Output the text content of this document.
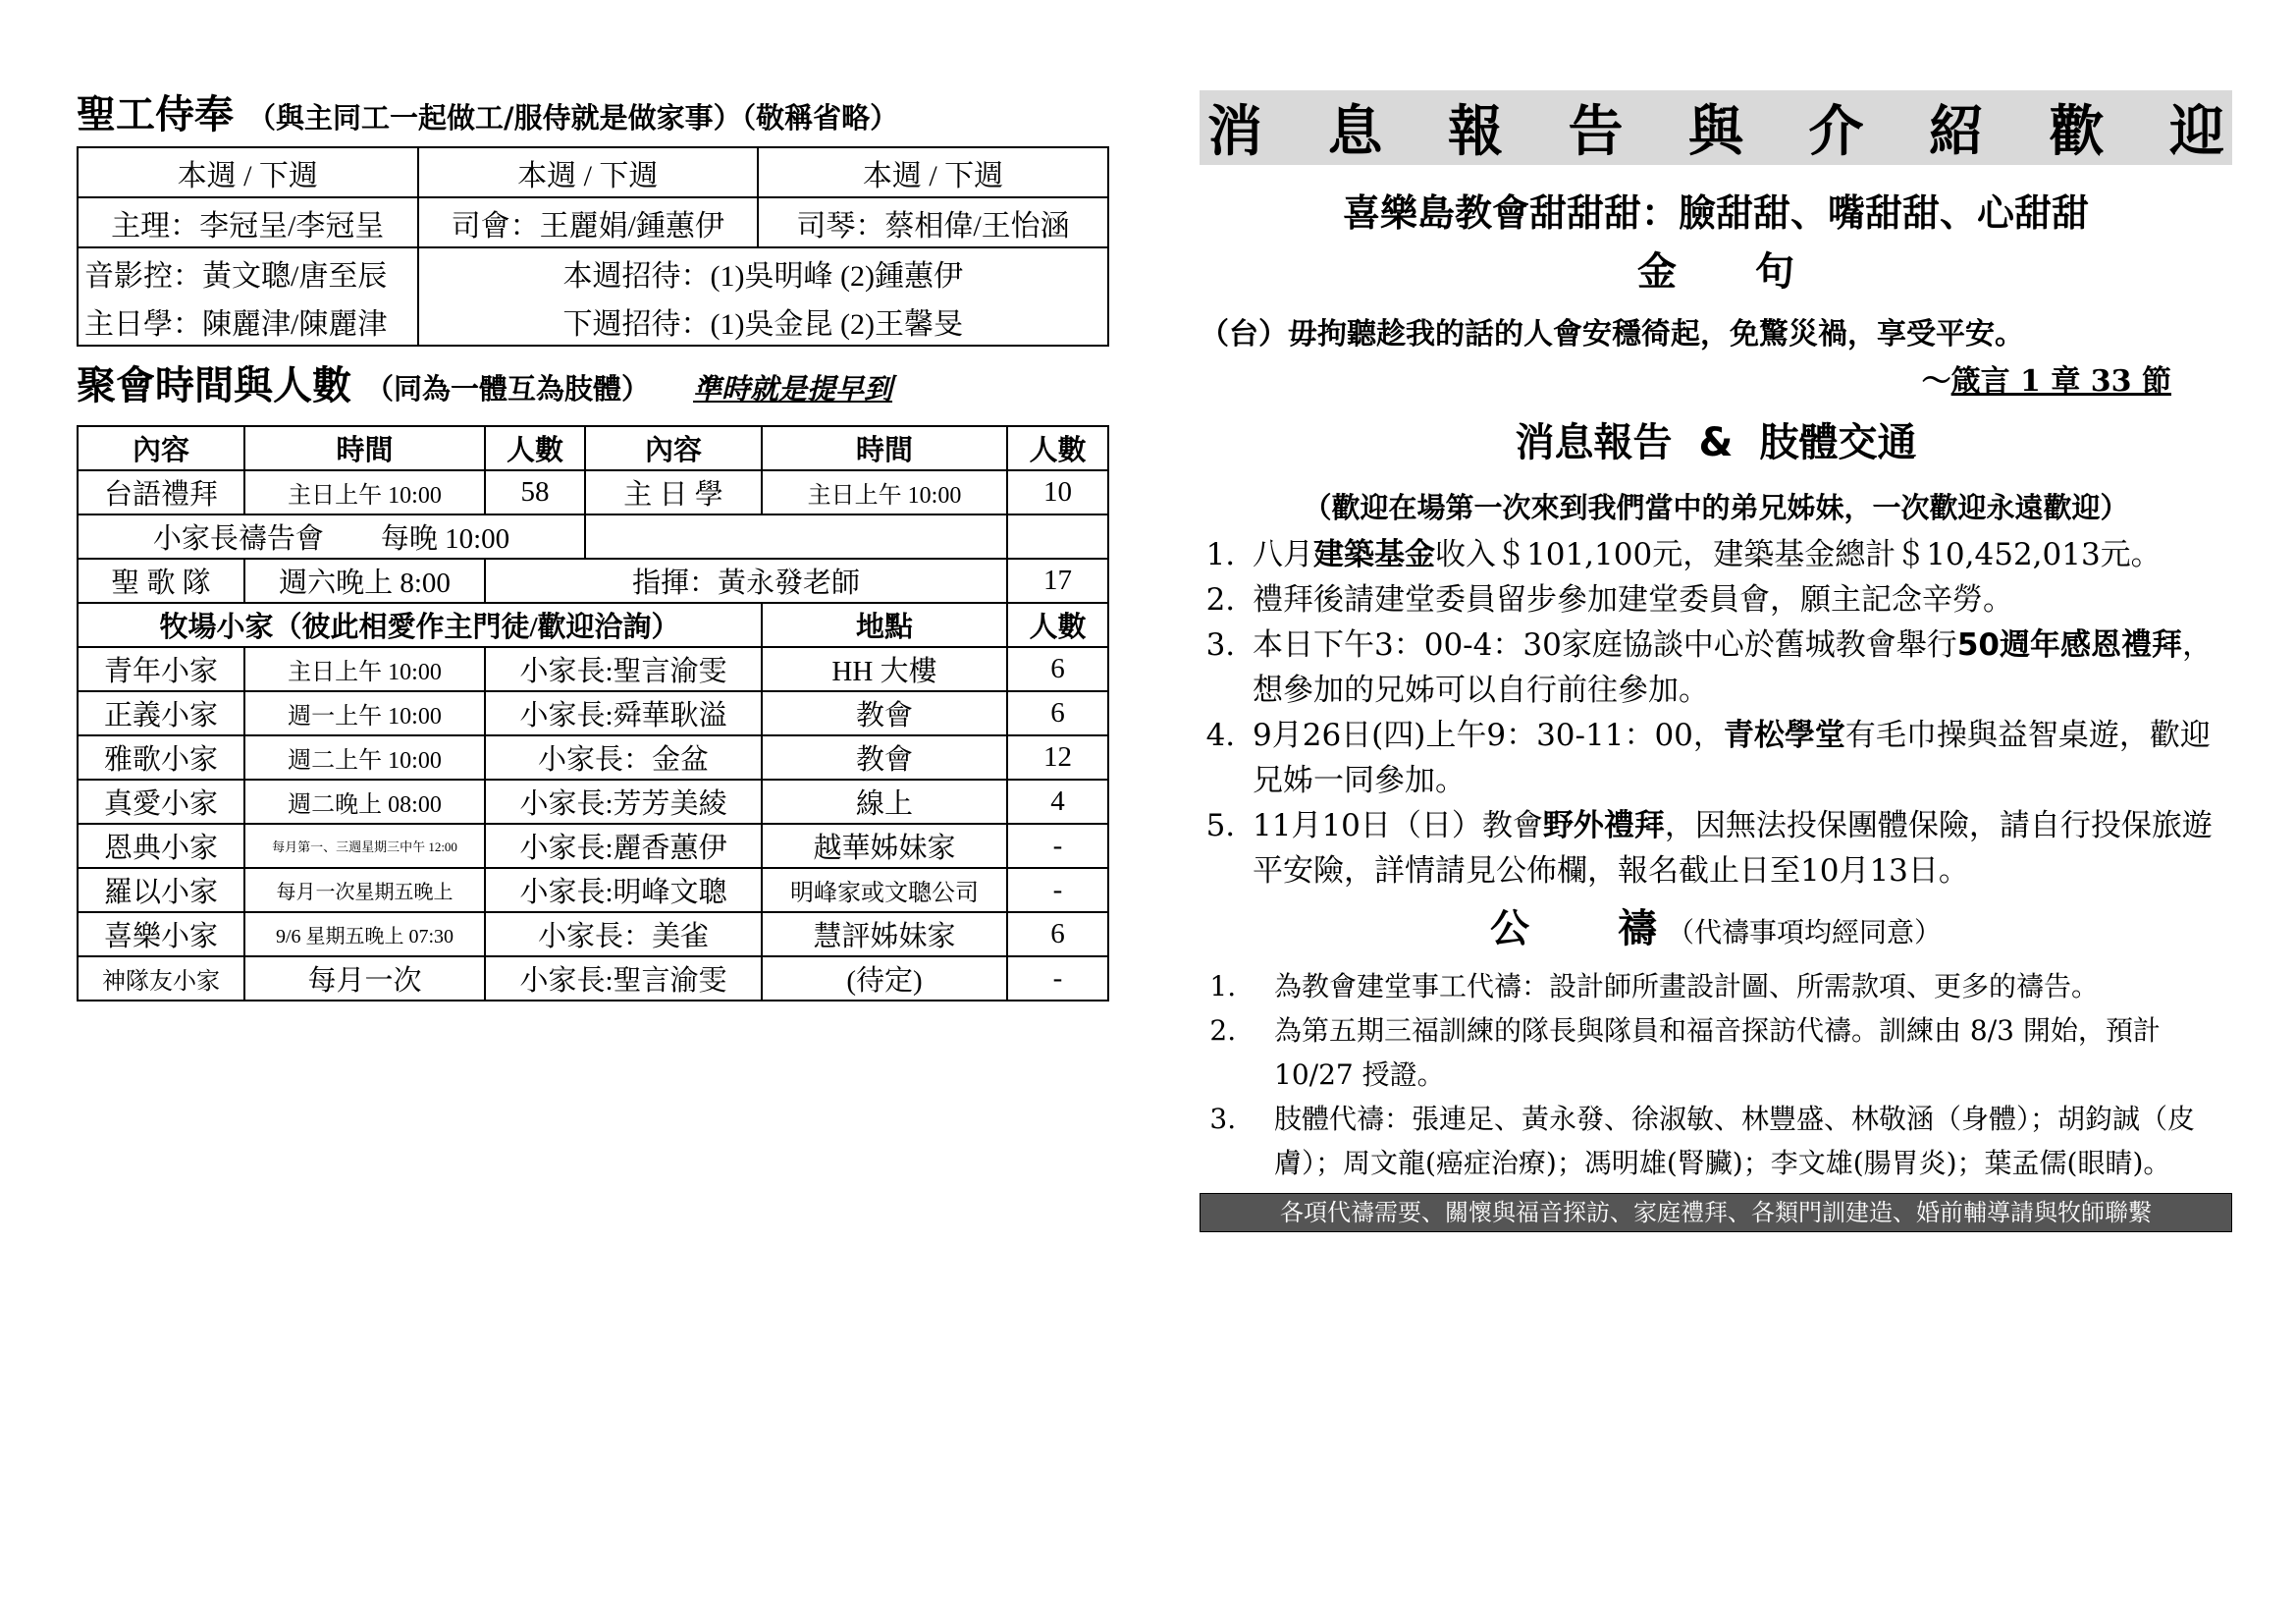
聖 工 侍 奉 （與主同工一起做工/服侍就是做家事）（敬稱省略）
本週 / 下週	本週 / 下週	本週 / 下週
主理：李冠呈/李冠呈	司會：王麗娟/鍾蕙伊	司琴：蔡相偉/王怡涵
音影控：黃文聰/唐至辰	本週招待：(1)吳明峰 (2)鍾蕙伊	
主日學：陳麗津/陳麗津	下週招待：(1)吳金昆 (2)王馨旻	
聚 會 時 間 與 人 數 （同為一體互為肢體） 準時就是提早到
內容	時間	人數	內容	時間	人數
台語禮拜	主日上午 10:00	58	主 日 學	主日上午 10:00	10
小家長禱告會　　每晚 10:00					
聖 歌 隊	週六晚上 8:00	指揮：黃永發老師			17
牧場小家（彼此相愛作主門徒/歡迎洽詢）				地點	人數
青年小家	主日上午 10:00	小家長:聖言渝雯		HH 大樓	6
正義小家	週一上午 10:00	小家長:舜華耿溢		教會	6
雅歌小家	週二上午 10:00	小家長：金盆		教會	12
真愛小家	週二晚上 08:00	小家長:芳芳美綾		線上	4
恩典小家	每月第一、三週星期三中午 12:00	小家長:麗香蕙伊		越華姊妹家	-
羅以小家	每月一次星期五晚上	小家長:明峰文聰		明峰家或文聰公司	-
喜樂小家	9/6 星期五晚上 07:30	小家長：美雀		慧評姊妹家	6
神隊友小家	每月一次	小家長:聖言渝雯		(待定)	-
消 息 報 告 與 介 紹 歡 迎
喜樂島教會甜甜甜：臉甜甜、嘴甜甜、心甜甜
金 句
（台）毋拘聽趁我的話的人會安穩徛起，免驚災禍，享受平安。
～箴言 1 章 33 節
消 息 報 告 & 肢 體 交 通
（歡迎在場第一次來到我們當中的弟兄姊妹，一次歡迎永遠歡迎）
1. 八月建築基金收入＄101,100元，建築基金總計＄10,452,013元。
2. 禮拜後請建堂委員留步參加建堂委員會，願主記念辛勞。
3. 本日下午3：00-4：30家庭協談中心於舊城教會舉行50週年感恩禮拜，想參加的兄姊可以自行前往參加。
4. 9月26日(四)上午9：30-11：00，青松學堂有毛巾操與益智桌遊，歡迎兄姊一同參加。
5. 11月10日（日）教會野外禮拜，因無法投保團體保險，請自行投保旅遊平安險，詳情請見公佈欄，報名截止日至10月13日。
公 禱 （代禱事項均經同意）
1. 為教會建堂事工代禱：設計師所畫設計圖、所需款項、更多的禱告。
2. 為第五期三福訓練的隊長與隊員和福音探訪代禱。訓練由 8/3 開始，預計 10/27 授證。
3. 肢體代禱：張連足、黃永發、徐淑敏、林豐盛、林敬涵（身體）；胡鈞誠（皮膚）；周文龍(癌症治療)；馮明雄(腎臟)；李文雄(腸胃炎)；葉孟儒(眼睛)。
各項代禱需要、關懷與福音探訪、家庭禮拜、各類門訓建造、婚前輔導請與牧師聯繫
